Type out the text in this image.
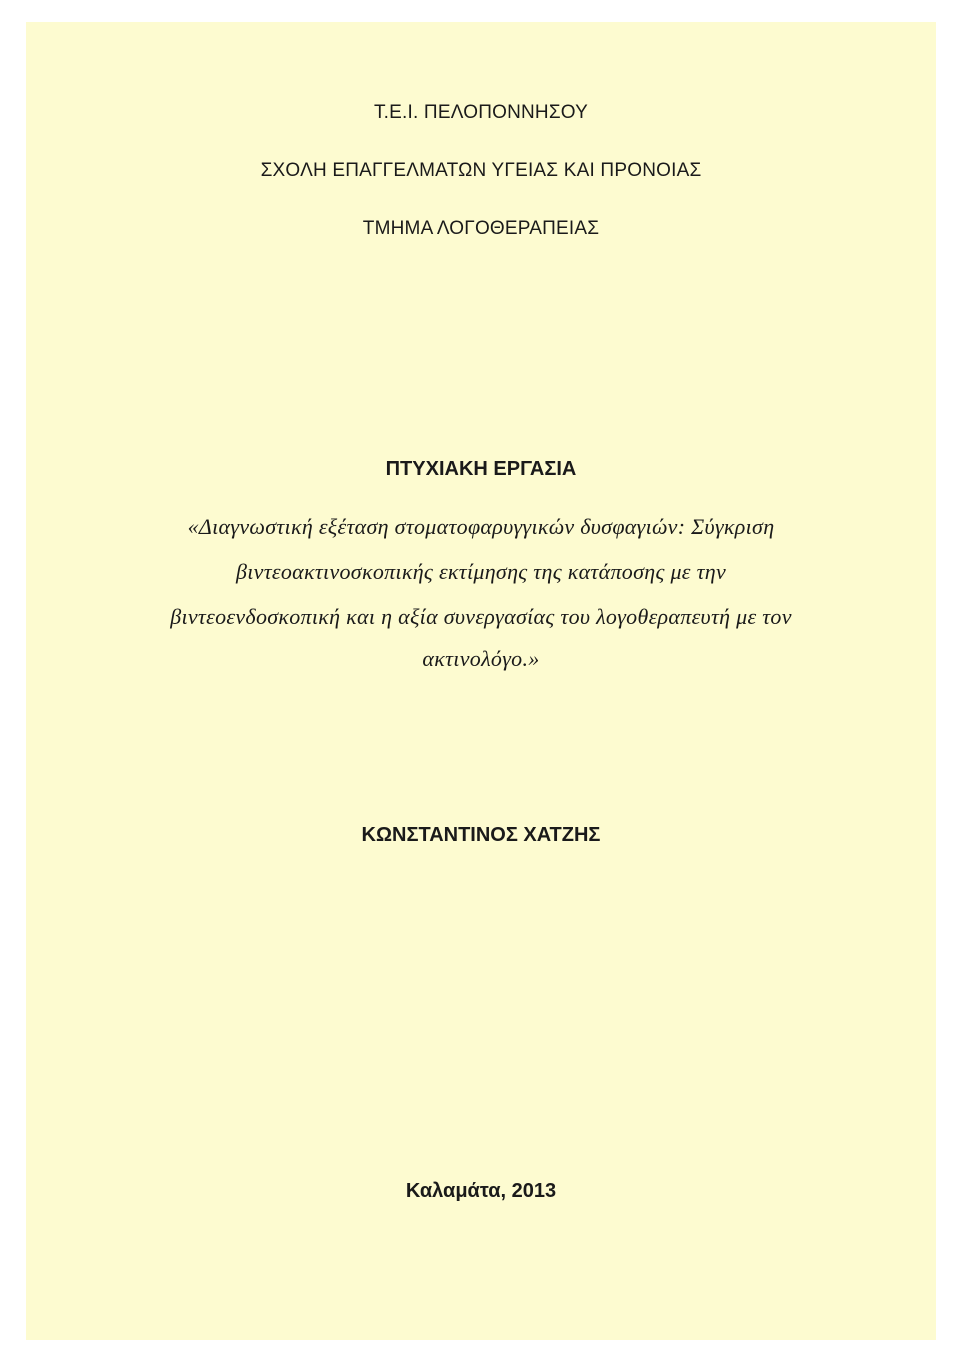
Τ.Ε.Ι. ΠΕΛΟΠΟΝΝΗΣΟΥ
ΣΧΟΛΗ ΕΠΑΓΓΕΛΜΑΤΩΝ ΥΓΕΙΑΣ ΚΑΙ ΠΡΟΝΟΙΑΣ
ΤΜΗΜΑ ΛΟΓΟΘΕΡΑΠΕΙΑΣ
ΠΤΥΧΙΑΚΗ ΕΡΓΑΣΙΑ
«Διαγνωστική εξέταση στοματοφαρυγγικών δυσφαγιών: Σύγκριση
βιντεοακτινοσκοπικής εκτίμησης της κατάποσης με την
βιντεοενδοσκοπική και η αξία συνεργασίας του λογοθεραπευτή με τον
ακτινολόγο.»
ΚΩΝΣΤΑΝΤΙΝΟΣ ΧΑΤΖΗΣ
Καλαμάτα, 2013
